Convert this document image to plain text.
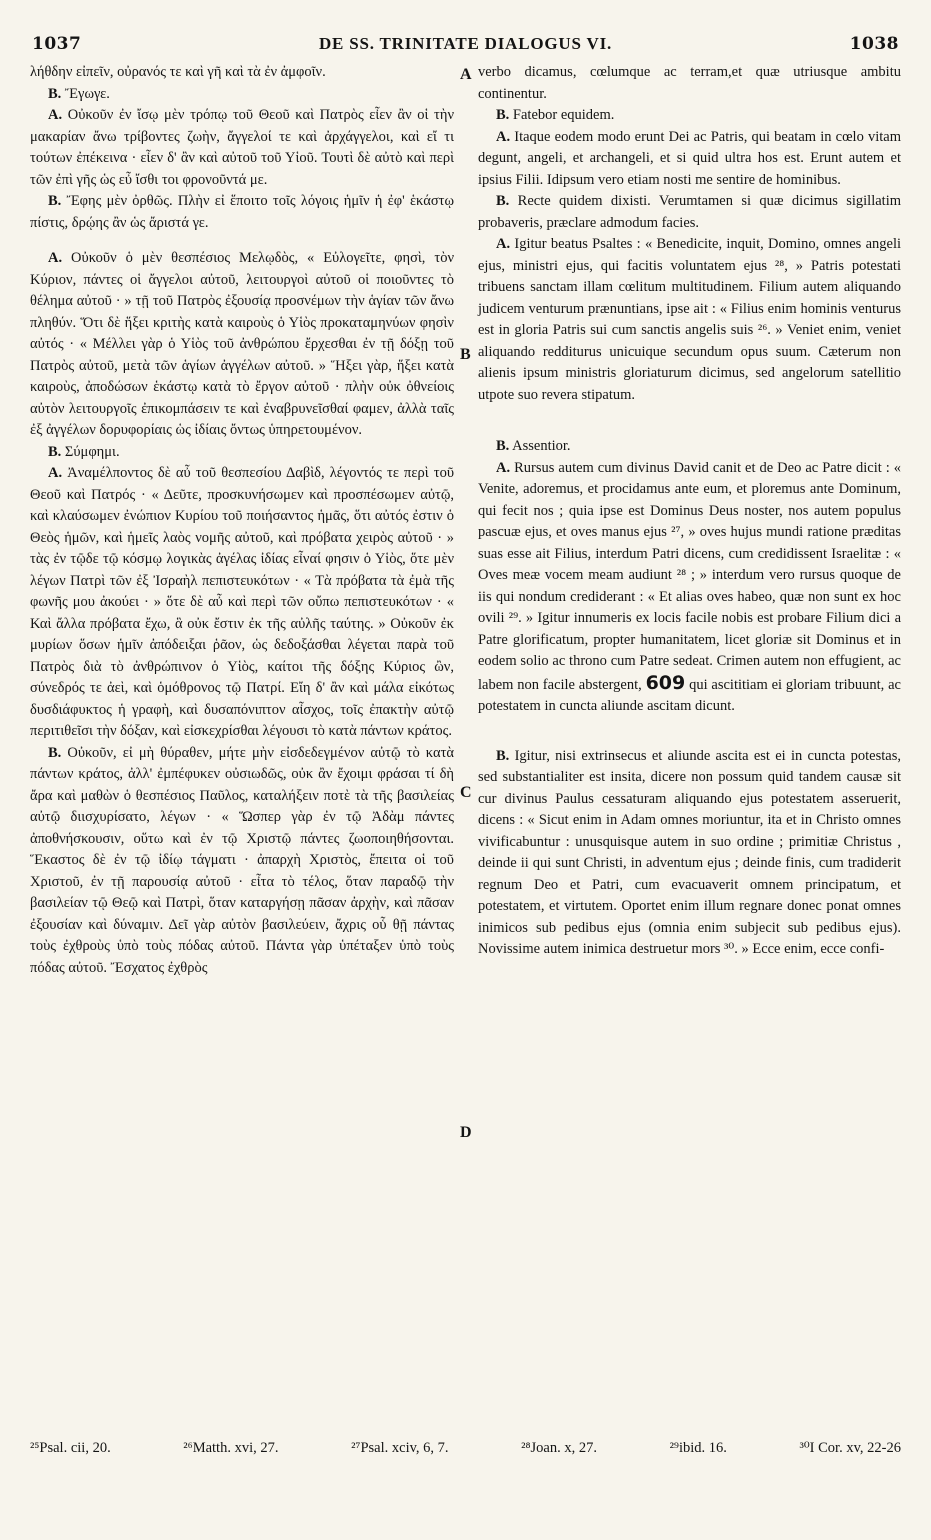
1037	DE SS. TRINITATE DIALOGUS VI.	1038
A
B
C
D

λήθδην εἰπεῖν, οὐρανός τε καὶ γῆ καὶ τὰ ἐν ἀμφοῖν.

B. Ἔγωγε.

A. Οὐκοῦν ἐν ἴσῳ μὲν τρόπῳ τοῦ Θεοῦ καὶ Πατρὸς εἶεν ἂν οἱ τὴν μακαρίαν ἄνω τρίβοντες ζωὴν, ἄγγελοί τε καὶ ἀρχάγγελοι, καὶ εἴ τι τούτων ἐπέκεινα · εἶεν δ' ἂν καὶ αὐτοῦ τοῦ Υἱοῦ. Τουτὶ δὲ αὐτὸ καὶ περὶ τῶν ἐπὶ γῆς ὡς εὖ ἴσθι τοι φρονοῦντά με.

B. Ἔφης μὲν ὀρθῶς. Πλὴν εἰ ἕποιτο τοῖς λόγοις ἡμῖν ἡ ἐφ' ἑκάστῳ πίστις, δρῴης ἂν ὡς ἄριστά γε.

A. Οὐκοῦν ὁ μὲν θεσπέσιος Μελῳδὸς, « Εὐλογεῖτε, φησὶ, τὸν Κύριον, πάντες οἱ ἄγγελοι αὐτοῦ, λειτουργοὶ αὐτοῦ οἱ ποιοῦντες τὸ θέλημα αὐτοῦ · » τῇ τοῦ Πατρὸς ἐξουσίᾳ προσνέμων τὴν ἁγίαν τῶν ἄνω πληθύν. Ὅτι δὲ ἥξει κριτὴς κατὰ καιροὺς ὁ Υἱὸς προκαταμηνύων φησὶν αὐτός · « Μέλλει γὰρ ὁ Υἱὸς τοῦ ἀνθρώπου ἔρχεσθαι ἐν τῇ δόξῃ τοῦ Πατρὸς αὐτοῦ, μετὰ τῶν ἁγίων ἀγγέλων αὐτοῦ. » Ἥξει γὰρ, ἥξει κατὰ καιροὺς, ἀποδώσων ἑκάστῳ κατὰ τὸ ἔργον αὐτοῦ · πλὴν οὐκ ὀθνείοις αὐτὸν λειτουργοῖς ἐπικομπάσειν τε καὶ ἐναβρυνεῖσθαί φαμεν, ἀλλὰ ταῖς ἐξ ἀγγέλων δορυφορίαις ὡς ἰδίαις ὄντως ὑπηρετουμένον.

B. Σύμφημι.

A. Ἀναμέλποντος δὲ αὖ τοῦ θεσπεσίου Δαβὶδ, λέγοντός τε περὶ τοῦ Θεοῦ καὶ Πατρός · « Δεῦτε, προσκυνήσωμεν καὶ προσπέσωμεν αὐτῷ, καὶ κλαύσωμεν ἐνώπιον Κυρίου τοῦ ποιήσαντος ἡμᾶς, ὅτι αὐτός ἐστιν ὁ Θεὸς ἡμῶν, καὶ ἡμεῖς λαὸς νομῆς αὐτοῦ, καὶ πρόβατα χειρὸς αὐτοῦ · » τὰς ἐν τῷδε τῷ κόσμῳ λογικὰς ἀγέλας ἰδίας εἶναί φησιν ὁ Υἱὸς, ὅτε μὲν λέγων Πατρὶ τῶν ἐξ Ἰσραὴλ πεπιστευκότων · « Τὰ πρόβατα τὰ ἐμὰ τῆς φωνῆς μου ἀκούει · » ὅτε δὲ αὖ καὶ περὶ τῶν οὔπω πεπιστευκότων · « Καὶ ἄλλα πρόβατα ἔχω, ἃ οὐκ ἔστιν ἐκ τῆς αὐλῆς ταύτης. » Οὐκοῦν ἐκ μυρίων ὅσων ἡμῖν ἀπόδειξαι ῥᾶον, ὡς δεδοξάσθαι λέγεται παρὰ τοῦ Πατρὸς διὰ τὸ ἀνθρώπινον ὁ Υἱὸς, καίτοι τῆς δόξης Κύριος ὢν, σύνεδρός τε ἀεὶ, καὶ ὁμόθρονος τῷ Πατρί. Εἴη δ' ἂν καὶ μάλα εἰκότως δυσδιάφυκτος ἡ γραφὴ, καὶ δυσαπόνιπτον αἶσχος, τοῖς ἐπακτὴν αὐτῷ περιτιθεῖσι τὴν δόξαν, καὶ εἰσκεχρίσθαι λέγουσι τὸ κατὰ πάντων κράτος.

B. Οὐκοῦν, εἰ μὴ θύραθεν, μήτε μὴν εἰσδεδεγμένον αὐτῷ τὸ κατὰ πάντων κράτος, ἀλλ' ἐμπέφυκεν οὐσιωδῶς, οὐκ ἂν ἔχοιμι φράσαι τί δὴ ἄρα καὶ μαθὼν ὁ θεσπέσιος Παῦλος, καταλήξειν ποτὲ τὰ τῆς βασιλείας αὐτῷ διισχυρίσατο, λέγων · « Ὥσπερ γὰρ ἐν τῷ Ἀδὰμ πάντες ἀποθνήσκουσιν, οὕτω καὶ ἐν τῷ Χριστῷ πάντες ζωοποιηθήσονται. Ἕκαστος δὲ ἐν τῷ ἰδίῳ τάγματι · ἀπαρχὴ Χριστὸς, ἔπειτα οἱ τοῦ Χριστοῦ, ἐν τῇ παρουσίᾳ αὐτοῦ · εἶτα τὸ τέλος, ὅταν παραδῷ τὴν βασιλείαν τῷ Θεῷ καὶ Πατρὶ, ὅταν καταργήσῃ πᾶσαν ἀρχὴν, καὶ πᾶσαν ἐξουσίαν καὶ δύναμιν. Δεῖ γὰρ αὐτὸν βασιλεύειν, ἄχρις οὗ θῇ πάντας τοὺς ἐχθροὺς ὑπὸ τοὺς πόδας αὐτοῦ. Πάντα γὰρ ὑπέταξεν ὑπὸ τοὺς πόδας αὐτοῦ. Ἔσχατος ἐχθρὸς

verbo dicamus, cœlumque ac terram,et quæ utriusque ambitu continentur.

B. Fatebor equidem.

A. Itaque eodem modo erunt Dei ac Patris, qui beatam in cœlo vitam degunt, angeli, et archangeli, et si quid ultra hos est. Erunt autem et ipsius Filii. Idipsum vero etiam nosti me sentire de hominibus.

B. Recte quidem dixisti. Verumtamen si quæ dicimus sigillatim probaveris, præclare admodum facies.

A. Igitur beatus Psaltes : « Benedicite, inquit, Domino, omnes angeli ejus, ministri ejus, qui facitis voluntatem ejus ²⁸, » Patris potestati tribuens sanctam illam cœlitum multitudinem. Filium autem aliquando judicem venturum prænuntians, ipse ait : « Filius enim hominis venturus est in gloria Patris sui cum sanctis angelis suis ²⁶. » Veniet enim, veniet aliquando redditurus unicuique secundum opus suum. Cæterum non alienis ipsum ministris gloriaturum dicimus, sed angelorum satellitio utpote suo revera stipatum.

B. Assentior.

A. Rursus autem cum divinus David canit et de Deo ac Patre dicit : « Venite, adoremus, et procidamus ante eum, et ploremus ante Dominum, qui fecit nos ; quia ipse est Dominus Deus noster, nos autem populus pascuæ ejus, et oves manus ejus ²⁷, » oves hujus mundi ratione præditas suas esse ait Filius, interdum Patri dicens, cum credidissent Israelitæ : « Oves meæ vocem meam audiunt ²⁸ ; » interdum vero rursus quoque de iis qui nondum crediderant : « Et alias oves habeo, quæ non sunt ex hoc ovili ²⁹. » Igitur innumeris ex locis facile nobis est probare Filium dici a Patre glorificatum, propter humanitatem, licet gloriæ sit Dominus et in eodem solio ac throno cum Patre sedeat. Crimen autem non effugient, ac labem non facile abstergent, 609 qui ascititiam ei gloriam tribuunt, ac potestatem in cuncta aliunde ascitam dicunt.

B. Igitur, nisi extrinsecus et aliunde ascita est ei in cuncta potestas, sed substantialiter est insita, dicere non possum quid tandem causæ sit cur divinus Paulus cessaturam aliquando ejus potestatem asseruerit, dicens : « Sicut enim in Adam omnes moriuntur, ita et in Christo omnes vivificabuntur : unusquisque autem in suo ordine ; primitiæ Christus , deinde ii qui sunt Christi, in adventum ejus ; deinde finis, cum tradiderit regnum Deo et Patri, cum evacuaverit omnem principatum, et potestatem, et virtutem. Oportet enim illum regnare donec ponat omnes inimicos sub pedibus ejus (omnia enim subjecit sub pedibus ejus). Novissime autem inimica destruetur mors ³⁰. » Ecce enim, ecce confi-

²⁵Psal. cii, 20.	²⁶Matth. xvi, 27.	²⁷Psal. xciv, 6, 7.	²⁸Joan. x, 27.	²⁹ibid. 16.	³⁰I Cor. xv, 22-26
